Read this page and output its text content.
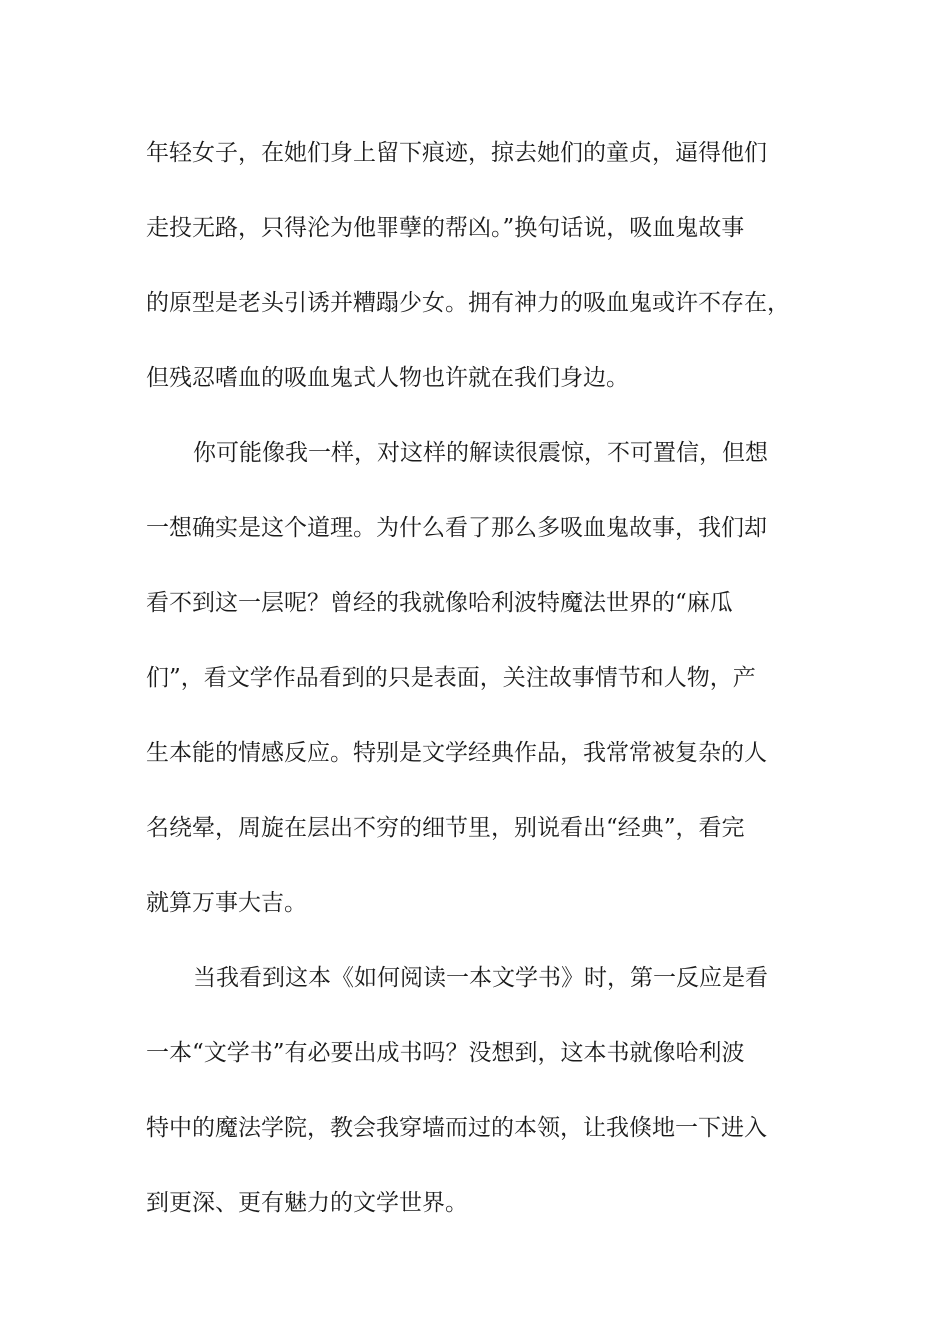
年轻女子，在她们身上留下痕迹，掠去她们的童贞，逼得他们
走投无路，只得沦为他罪孽的帮凶。”换句话说，吸血鬼故事
的原型是老头引诱并糟蹋少女。拥有神力的吸血鬼或许不存在，
但残忍嗜血的吸血鬼式人物也许就在我们身边。
你可能像我一样，对这样的解读很震惊，不可置信，但想
一想确实是这个道理。为什么看了那么多吸血鬼故事，我们却
看不到这一层呢？曾经的我就像哈利波特魔法世界的“麻瓜
们”，看文学作品看到的只是表面，关注故事情节和人物，产
生本能的情感反应。特别是文学经典作品，我常常被复杂的人
名绕晕，周旋在层出不穷的细节里，别说看出“经典”，看完
就算万事大吉。
当我看到这本《如何阅读一本文学书》时，第一反应是看
一本“文学书”有必要出成书吗？没想到，这本书就像哈利波
特中的魔法学院，教会我穿墙而过的本领，让我倏地一下进入
到更深、更有魅力的文学世界。
